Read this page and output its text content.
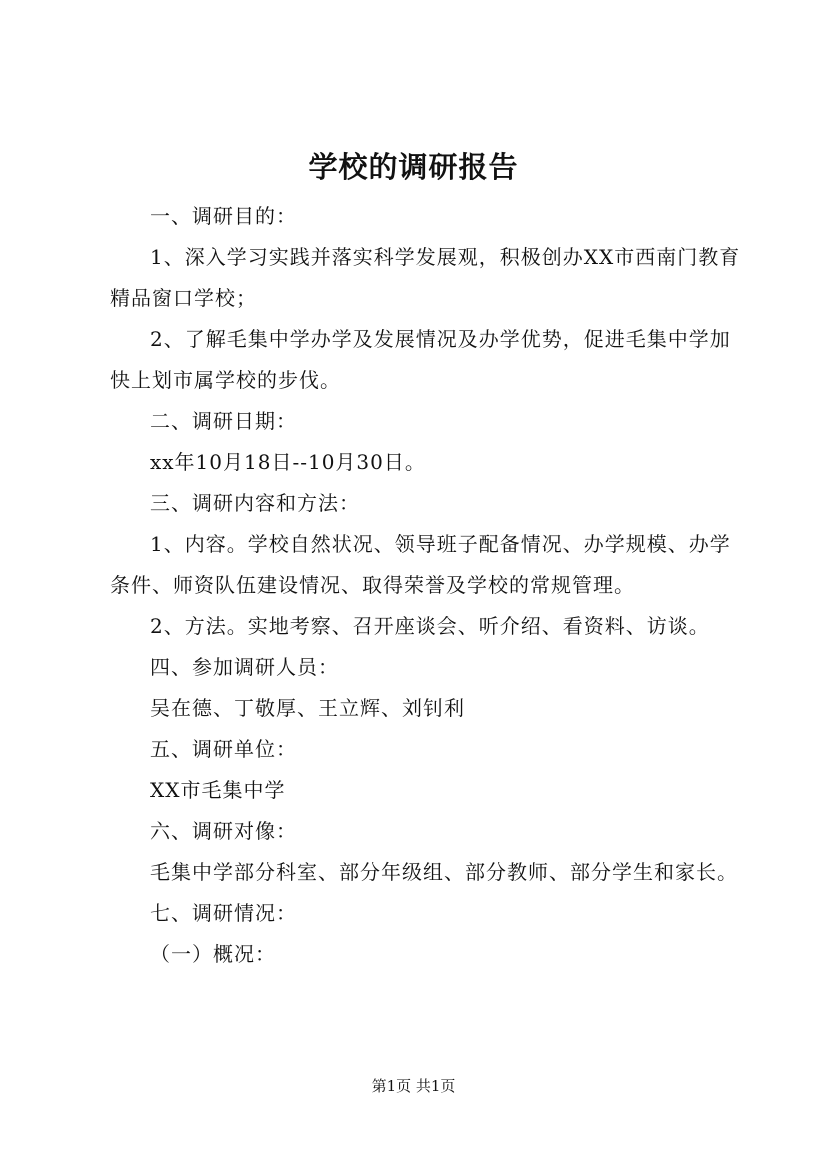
学校的调研报告

一、调研目的：

1、深入学习实践并落实科学发展观，积极创办XX市西南门教育精品窗口学校；

2、了解毛集中学办学及发展情况及办学优势，促进毛集中学加快上划市属学校的步伐。

二、调研日期：

xx年10月18日--10月30日。

三、调研内容和方法：

1、内容。学校自然状况、领导班子配备情况、办学规模、办学条件、师资队伍建设情况、取得荣誉及学校的常规管理。

2、方法。实地考察、召开座谈会、听介绍、看资料、访谈。

四、参加调研人员：

吴在德、丁敬厚、王立辉、刘钊利

五、调研单位：

XX市毛集中学

六、调研对像：

毛集中学部分科室、部分年级组、部分教师、部分学生和家长。

七、调研情况：

（一）概况：

第1页 共1页
